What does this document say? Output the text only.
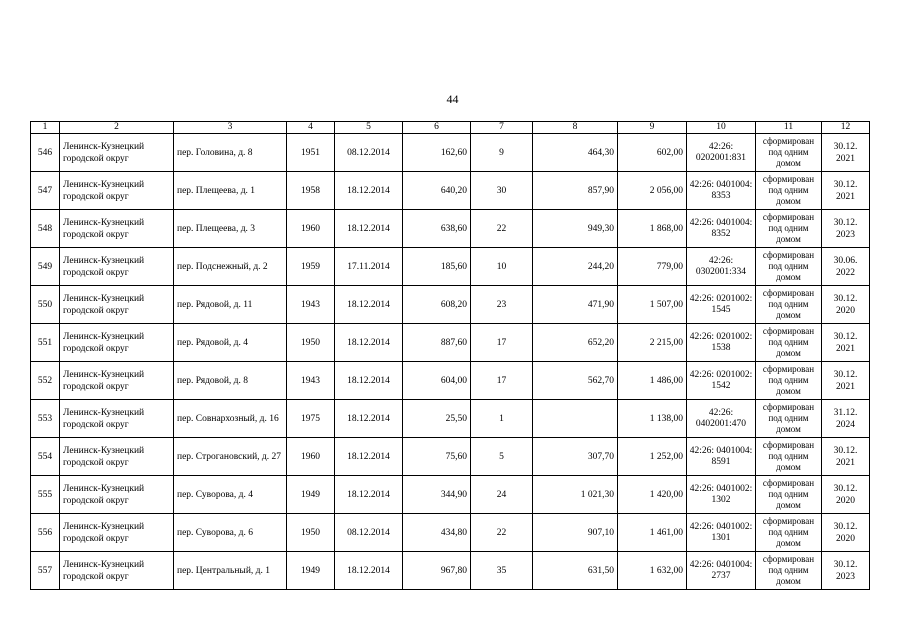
44
1	2	3	4	5	6	7	8	9	10	11	12
546	Ленинск-Кузнецкий городской округ	пер. Головина, д. 8	1951	08.12.2014	162,60	9	464,30	602,00	42:26: 0202001:831	сформирован под одним домом	30.12. 2021
547	Ленинск-Кузнецкий городской округ	пер. Плещеева, д. 1	1958	18.12.2014	640,20	30	857,90	2 056,00	42:26: 0401004: 8353	сформирован под одним домом	30.12. 2021
548	Ленинск-Кузнецкий городской округ	пер. Плещеева, д. 3	1960	18.12.2014	638,60	22	949,30	1 868,00	42:26: 0401004: 8352	сформирован под одним домом	30.12. 2023
549	Ленинск-Кузнецкий городской округ	пер. Подснежный, д. 2	1959	17.11.2014	185,60	10	244,20	779,00	42:26: 0302001:334	сформирован под одним домом	30.06. 2022
550	Ленинск-Кузнецкий городской округ	пер. Рядовой, д. 11	1943	18.12.2014	608,20	23	471,90	1 507,00	42:26: 0201002: 1545	сформирован под одним домом	30.12. 2020
551	Ленинск-Кузнецкий городской округ	пер. Рядовой, д. 4	1950	18.12.2014	887,60	17	652,20	2 215,00	42:26: 0201002: 1538	сформирован под одним домом	30.12. 2021
552	Ленинск-Кузнецкий городской округ	пер. Рядовой, д. 8	1943	18.12.2014	604,00	17	562,70	1 486,00	42:26: 0201002: 1542	сформирован под одним домом	30.12. 2021
553	Ленинск-Кузнецкий городской округ	пер. Совнархозный, д. 16	1975	18.12.2014	25,50	1		1 138,00	42:26: 0402001:470	сформирован под одним домом	31.12. 2024
554	Ленинск-Кузнецкий городской округ	пер. Строгановский, д. 27	1960	18.12.2014	75,60	5	307,70	1 252,00	42:26: 0401004: 8591	сформирован под одним домом	30.12. 2021
555	Ленинск-Кузнецкий городской округ	пер. Суворова, д. 4	1949	18.12.2014	344,90	24	1 021,30	1 420,00	42:26: 0401002: 1302	сформирован под одним домом	30.12. 2020
556	Ленинск-Кузнецкий городской округ	пер. Суворова, д. 6	1950	08.12.2014	434,80	22	907,10	1 461,00	42:26: 0401002: 1301	сформирован под одним домом	30.12. 2020
557	Ленинск-Кузнецкий городской округ	пер. Центральный, д. 1	1949	18.12.2014	967,80	35	631,50	1 632,00	42:26: 0401004: 2737	сформирован под одним домом	30.12. 2023
